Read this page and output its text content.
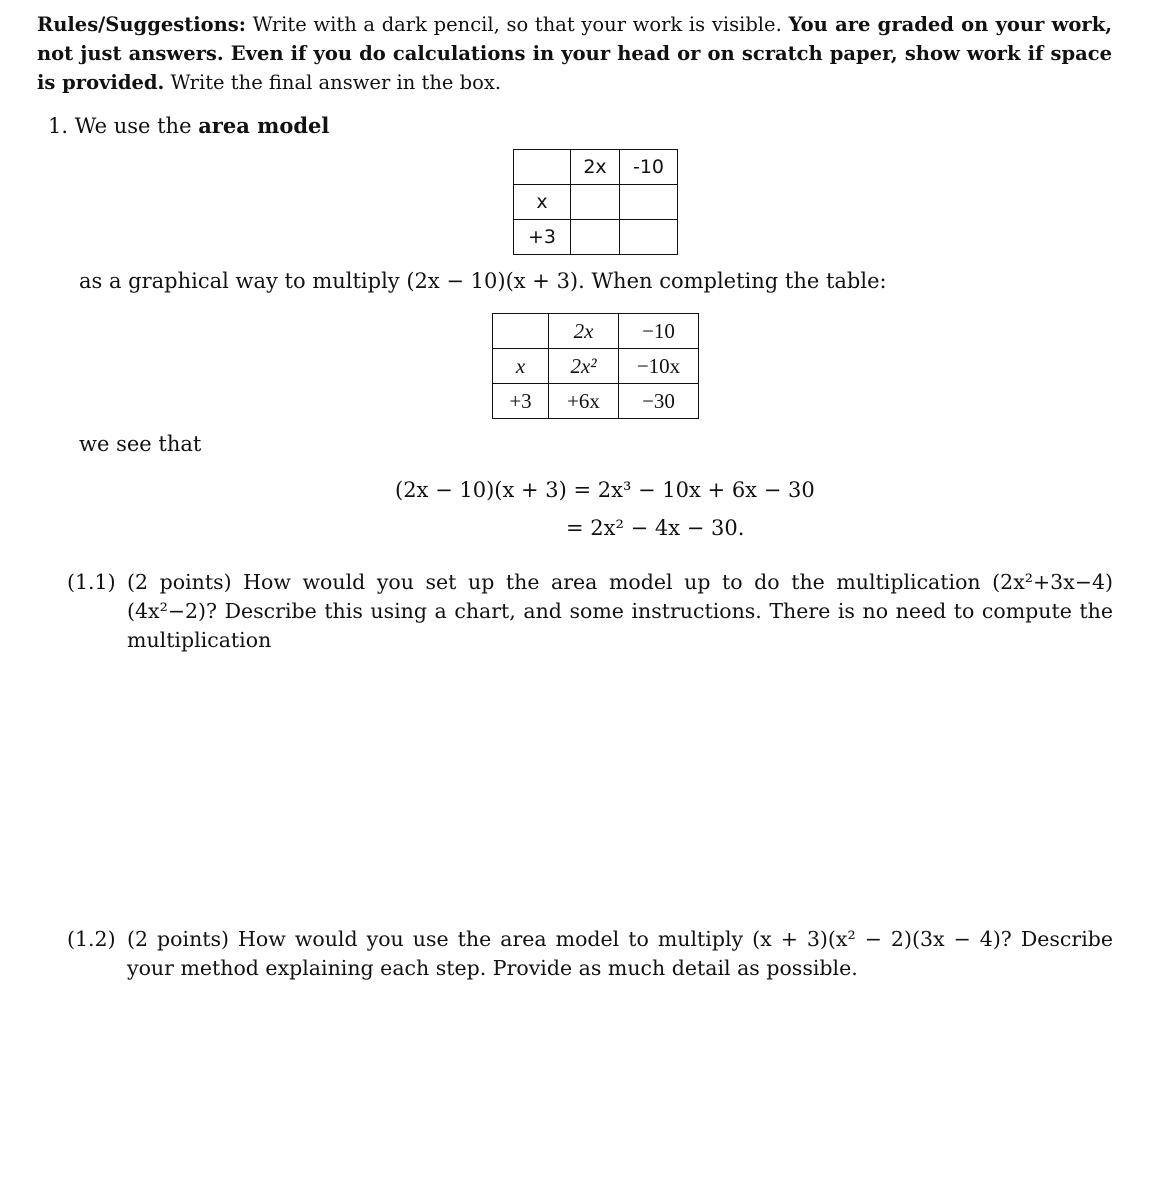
Rules/Suggestions: Write with a dark pencil, so that your work is visible. You are graded on your work, not just answers. Even if you do calculations in your head or on scratch paper, show work if space is provided. Write the final answer in the box.
1. We use the area model
	2x	-10
x		
+3		
as a graphical way to multiply (2x − 10)(x + 3). When completing the table:
	2x	−10
x	2x²	−10x
+3	+6x	−30
we see that
(2x − 10)(x + 3) = 2x³ − 10x + 6x − 30
= 2x² − 4x − 30.
(1.1) (2 points) How would you set up the area model up to do the multiplication (2x²+3x−4)(4x²−2)? Describe this using a chart, and some instructions. There is no need to compute the multiplication
(1.2) (2 points) How would you use the area model to multiply (x + 3)(x² − 2)(3x − 4)? Describe your method explaining each step. Provide as much detail as possible.
